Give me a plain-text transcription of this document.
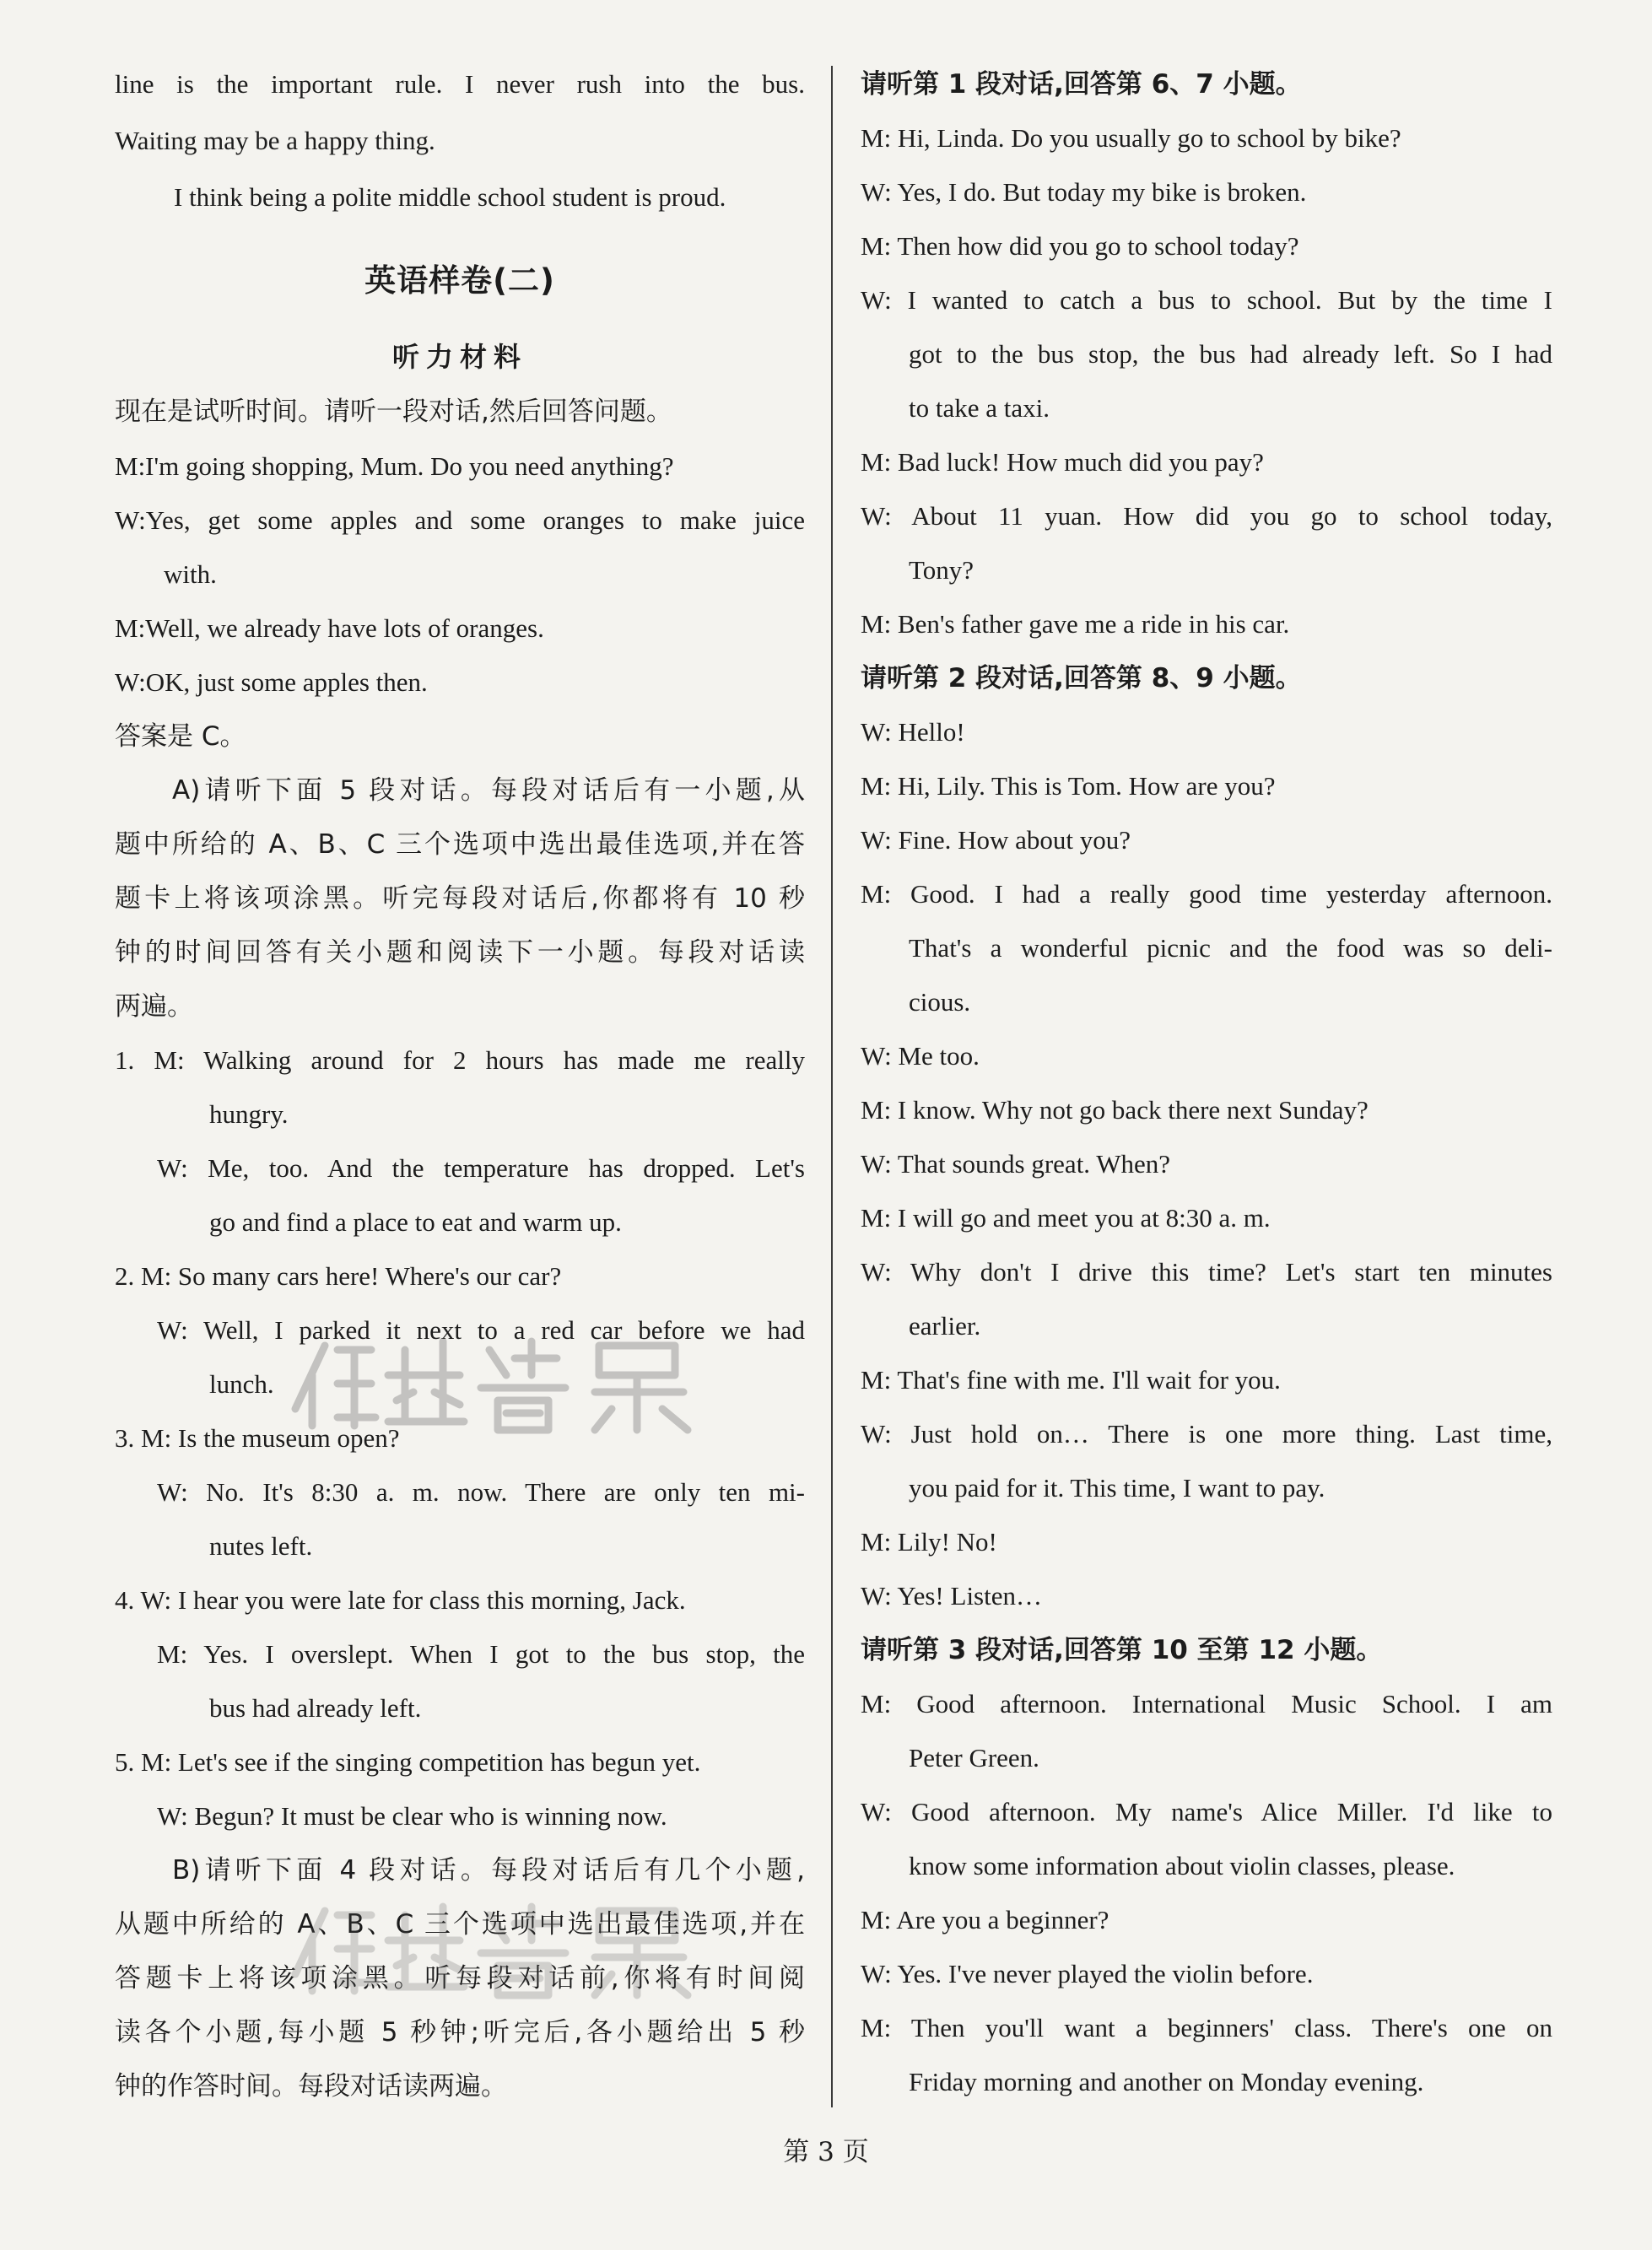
line is the important rule. I never rush into the bus.
Waiting may be a happy thing.
I think being a polite middle school student is proud.
英语样卷(二)
听力材料
现在是试听时间。请听一段对话,然后回答问题。
M:I'm going shopping, Mum. Do you need anything?
W:Yes, get some apples and some oranges to make juice
with.
M:Well, we already have lots of oranges.
W:OK, just some apples then.
答案是 C。
A)请听下面 5 段对话。每段对话后有一小题,从
题中所给的 A、B、C 三个选项中选出最佳选项,并在答
题卡上将该项涂黑。听完每段对话后,你都将有 10 秒
钟的时间回答有关小题和阅读下一小题。每段对话读
两遍。
1. M: Walking around for 2 hours has made me really
hungry.
W: Me, too. And the temperature has dropped. Let's
go and find a place to eat and warm up.
2. M: So many cars here! Where's our car?
W: Well, I parked it next to a red car before we had
lunch.
3. M: Is the museum open?
W: No. It's 8:30 a. m. now. There are only ten mi-
nutes left.
4. W: I hear you were late for class this morning, Jack.
M: Yes. I overslept. When I got to the bus stop, the
bus had already left.
5. M: Let's see if the singing competition has begun yet.
W: Begun? It must be clear who is winning now.
B)请听下面 4 段对话。每段对话后有几个小题,
从题中所给的 A、B、C 三个选项中选出最佳选项,并在
答题卡上将该项涂黑。听每段对话前,你将有时间阅
读各个小题,每小题 5 秒钟;听完后,各小题给出 5 秒
钟的作答时间。每段对话读两遍。
请听第 1 段对话,回答第 6、7 小题。
M: Hi, Linda. Do you usually go to school by bike?
W: Yes, I do. But today my bike is broken.
M: Then how did you go to school today?
W: I wanted to catch a bus to school. But by the time I
got to the bus stop, the bus had already left. So I had
to take a taxi.
M: Bad luck! How much did you pay?
W: About 11 yuan. How did you go to school today,
Tony?
M: Ben's father gave me a ride in his car.
请听第 2 段对话,回答第 8、9 小题。
W: Hello!
M: Hi, Lily. This is Tom. How are you?
W: Fine. How about you?
M: Good. I had a really good time yesterday afternoon.
That's a wonderful picnic and the food was so deli-
cious.
W: Me too.
M: I know. Why not go back there next Sunday?
W: That sounds great. When?
M: I will go and meet you at 8:30 a. m.
W: Why don't I drive this time? Let's start ten minutes
earlier.
M: That's fine with me. I'll wait for you.
W: Just hold on… There is one more thing. Last time,
you paid for it. This time, I want to pay.
M: Lily! No!
W: Yes! Listen…
请听第 3 段对话,回答第 10 至第 12 小题。
M: Good afternoon. International Music School. I am
Peter Green.
W: Good afternoon. My name's Alice Miller. I'd like to
know some information about violin classes, please.
M: Are you a beginner?
W: Yes. I've never played the violin before.
M: Then you'll want a beginners' class. There's one on
Friday morning and another on Monday evening.
第 3 页
